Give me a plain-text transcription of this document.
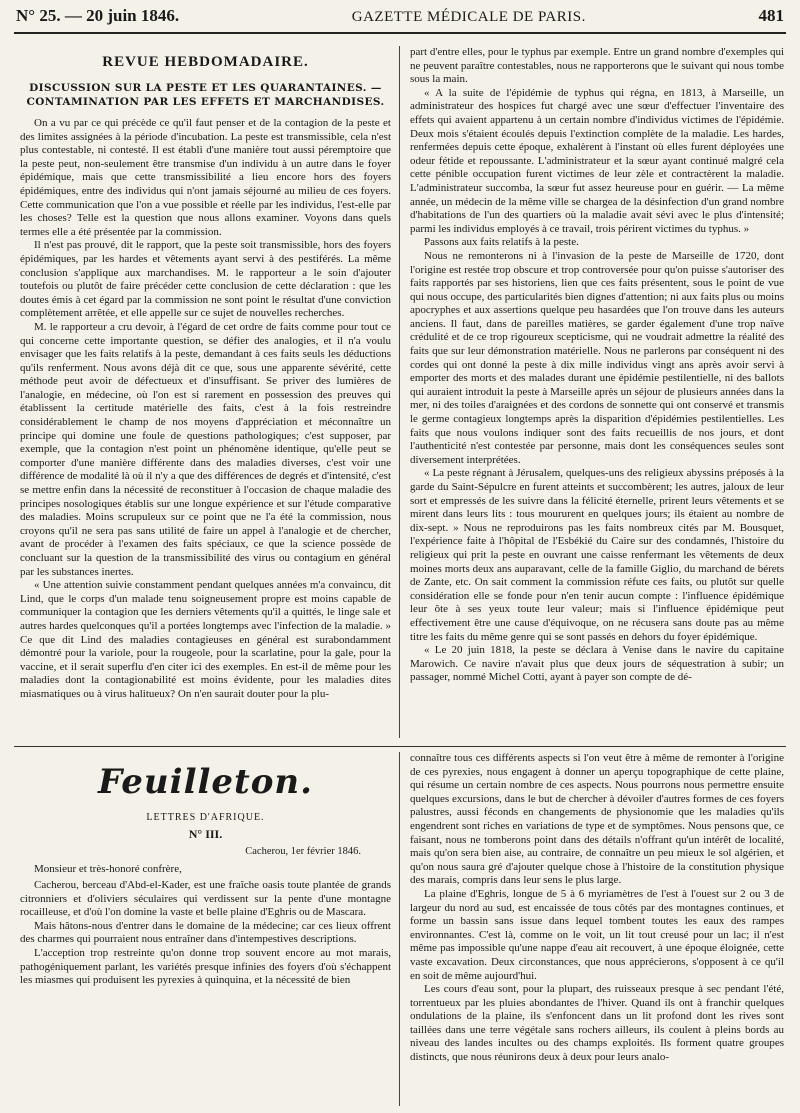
N° 25. — 20 juin 1846.	GAZETTE MÉDICALE DE PARIS.	481
REVUE HEBDOMADAIRE.
DISCUSSION SUR LA PESTE ET LES QUARANTAINES. — CONTAMINATION PAR LES EFFETS ET MARCHANDISES.

On a vu par ce qui précède ce qu'il faut penser et de la contagion de la peste et des limites assignées à la période d'incubation. La peste est transmissible, cela n'est plus contestable, ni contesté. Il est établi d'une manière tout aussi péremptoire que la peste peut, non-seulement être transmise d'un individu à un autre dans le foyer épidémique, mais que cette transmissibilité a lieu encore hors des foyers épidémiques, entre des individus qui n'ont jamais séjourné au milieu de ces foyers. Cette communication que l'on a vue possible et réelle par les individus, l'est-elle par les choses? Telle est la question que nous allons examiner. Voyons dans quels termes elle a été présentée par la commission.

Il n'est pas prouvé, dit le rapport, que la peste soit transmissible, hors des foyers épidémiques, par les hardes et vêtements ayant servi à des pestiférés. La même conclusion s'applique aux marchandises. M. le rapporteur a le soin d'ajouter toutefois ou plutôt de faire précéder cette conclusion de cette déclaration : que les doutes émis à cet égard par la commission ne sont point le résultat d'une conviction complètement arrêtée, et elle appelle sur ce sujet de nouvelles recherches.

M. le rapporteur a cru devoir, à l'égard de cet ordre de faits comme pour tout ce qui concerne cette importante question, se défier des analogies, et il n'a voulu envisager que les faits relatifs à la peste, demandant à ces faits seuls les déductions qu'ils renferment. Nous avons déjà dit ce que, sous une apparente sévérité, cette méthode peut avoir de défectueux et d'insuffisant. Se priver des lumières de l'analogie, en médecine, où l'on est si rarement en possession des preuves qui établissent la certitude matérielle des faits, c'est à la fois restreindre considérablement le champ de nos moyens d'appréciation et méconnaître un principe qui domine une foule de questions pathologiques; c'est supposer, par exemple, que la contagion n'est point un phénomène identique, qu'elle peut se comporter d'une manière différente dans des maladies diverses, c'est voir une différence de modalité là où il n'y a que des différences de degrés et d'intensité, c'est se mettre enfin dans la nécessité de reconstituer à l'occasion de chaque maladie des principes nosologiques établis sur une longue expérience et sur l'étude comparative des maladies. Moins scrupuleux sur ce point que ne l'a été la commission, nous croyons qu'il ne sera pas sans utilité de faire un appel à l'analogie et de chercher, avant de procéder à l'examen des faits spéciaux, ce que la science possède de concluant sur la question de la transmissibilité des virus ou contagium en général par les substances inertes.

« Une attention suivie constamment pendant quelques années m'a convaincu, dit Lind, que le corps d'un malade tenu soigneusement propre est moins capable de communiquer la contagion que les derniers vêtements qu'il a quittés, le linge sale et autres hardes quelconques qu'il a portées longtemps avec l'infection de la maladie. » Ce que dit Lind des maladies contagieuses en général est surabondamment démontré pour la variole, pour la rougeole, pour la scarlatine, pour la gale, pour la vaccine, et il serait superflu d'en citer ici des exemples. En est-il de même pour les maladies dont la contagionabilité est moins évidente, pour les maladies dites miasmatiques ou à virus halitueux? On n'en saurait douter pour la plu-

part d'entre elles, pour le typhus par exemple. Entre un grand nombre d'exemples qui ne peuvent paraître contestables, nous ne rapporterons que le suivant qui nous tombe sous la main.

« A la suite de l'épidémie de typhus qui régna, en 1813, à Marseille, un administrateur des hospices fut chargé avec une sœur d'effectuer l'inventaire des effets qui avaient appartenu à un certain nombre d'individus victimes de l'épidémie. Deux mois s'étaient écoulés depuis l'extinction complète de la maladie. Les hardes, renfermées depuis cette époque, exhalèrent à l'instant où elles furent déployées une odeur fétide et repoussante. L'administrateur et la sœur ayant continué malgré cela cette pénible occupation furent victimes de leur zèle et contractèrent la maladie. L'administrateur succomba, la sœur fut assez heureuse pour en guérir. — La même année, un médecin de la même ville se chargea de la désinfection d'un grand nombre d'habitations de l'un des quartiers où la maladie avait sévi avec le plus d'intensité; parmi les individus employés à ce travail, trois périrent victimes du typhus. »

Passons aux faits relatifs à la peste.

Nous ne remonterons ni à l'invasion de la peste de Marseille de 1720, dont l'origine est restée trop obscure et trop controversée pour qu'on puisse s'autoriser des faits rapportés par ses historiens, lien que ces faits présentent, sous le point de vue qui nous occupe, des particularités bien dignes d'attention; ni aux faits plus ou moins apocryphes et aux assertions quelque peu hasardées que l'on trouve dans les auteurs anciens. Il faut, dans de pareilles matières, se garder également d'une trop naïve crédulité et de ce trop rigoureux scepticisme, qui ne voudrait admettre la réalité des faits que sur leur démonstration matérielle. Nous ne parlerons par conséquent ni des cordes qui ont donné la peste à dix mille individus vingt ans après avoir servi à emporter des morts et des malades durant une épidémie pestilentielle, ni des ballots qui auraient introduit la peste à Marseille après un séjour de plusieurs années dans la mer, ni des toiles d'araignées et des cordons de sonnette qui ont conservé et transmis le germe contagieux longtemps après la disparition d'épidémies pestilentielles. Les faits que nous voulons indiquer sont des faits recueillis de nos jours, et dont l'authenticité n'est contestée par personne, mais dont les conséquences seules sont diversement interprétées.

« La peste régnant à Jérusalem, quelques-uns des religieux abyssins préposés à la garde du Saint-Sépulcre en furent atteints et succombèrent; les autres, jaloux de leur sort et empressés de les suivre dans la félicité éternelle, prirent leurs vêtements et se mirent dans leurs lits : tous moururent en quelques jours; ils étaient au nombre de dix-sept. » Nous ne reproduirons pas les faits nombreux cités par M. Bousquet, l'expérience faite à l'hôpital de l'Esbékié du Caire sur des condamnés, l'histoire du religieux qui prit la peste en ouvrant une caisse renfermant les vêtements de deux moines morts deux ans auparavant, celle de la famille Giglio, du marchand de bérets de Zante, etc. On sait comment la commission réfute ces faits, ou plutôt sur quelle considération elle se fonde pour n'en tenir aucun compte : l'influence épidémique leur ôte à ses yeux toute leur valeur; mais si l'influence épidémique peut effectivement être une cause d'équivoque, on ne récusera sans doute pas au même titre les faits du même genre qui se sont passés en dehors du foyer épidémique.

« Le 20 juin 1818, la peste se déclara à Venise dans le navire du capitaine Marowich. Ce navire n'avait plus que deux jours de séquestration à subir; un passager, nommé Michel Cotti, ayant à payer son compte de dé-

Feuilleton.
LETTRES D'AFRIQUE.
N° III.
Cacherou, 1er février 1846.
Monsieur et très-honoré confrère,

Cacherou, berceau d'Abd-el-Kader, est une fraîche oasis toute plantée de grands citronniers et d'oliviers séculaires qui verdissent sur la pente d'une montagne rocailleuse, et d'où l'on domine la vaste et belle plaine d'Eghris ou de Mascara.

Mais hâtons-nous d'entrer dans le domaine de la médecine; car ces lieux offrent des charmes qui pourraient nous entraîner dans d'intempestives descriptions.

L'acception trop restreinte qu'on donne trop souvent encore au mot marais, pathogéniquement parlant, les variétés presque infinies des foyers d'où s'échappent les miasmes qui produisent les pyrexies à quinquina, et la nécessité de bien

connaître tous ces différents aspects si l'on veut être à même de remonter à l'origine de ces pyrexies, nous engagent à donner un aperçu topographique de cette plaine, qui résume un certain nombre de ces aspects. Nous pourrons nous permettre ensuite quelques excursions, dans le but de chercher à dévoiler d'autres formes de ces foyers palustres, aussi féconds en changements de physionomie que les maladies qu'ils engendrent sont riches en variations de type et de symptômes. Nous pensons que, ce faisant, nous ne tomberons point dans des détails n'offrant qu'un intérêt de localité, mais qu'on sera bien aise, au contraire, de connaître un peu mieux le sol algérien, et qu'on nous saura gré d'ajouter quelque chose à l'histoire de la constitution physique des marais, compris dans leur sens le plus large.

La plaine d'Eghris, longue de 5 à 6 myriamètres de l'est à l'ouest sur 2 ou 3 de largeur du nord au sud, est encaissée de tous côtés par des montagnes continues, et forme un bassin sans issue dans lequel tombent toutes les eaux des rampes environnantes. C'est là, comme on le voit, un lit tout creusé pour un lac; il n'est même pas impossible qu'une nappe d'eau ait recouvert, à une époque éloignée, cette vaste excavation. Deux circonstances, que nous apprécierons, s'opposent à ce qu'il en soit de même aujourd'hui.

Les cours d'eau sont, pour la plupart, des ruisseaux presque à sec pendant l'été, torrentueux par les pluies abondantes de l'hiver. Quand ils ont à franchir quelques ondulations de la plaine, ils s'enfoncent dans un lit profond dont les rives sont taillées dans une terre végétale sans rochers ailleurs, ils coulent à pleins bords au niveau des landes incultes ou des champs exploités. Ils forment quatre groupes distincts, que nous réunirons deux à deux pour leurs analo-
